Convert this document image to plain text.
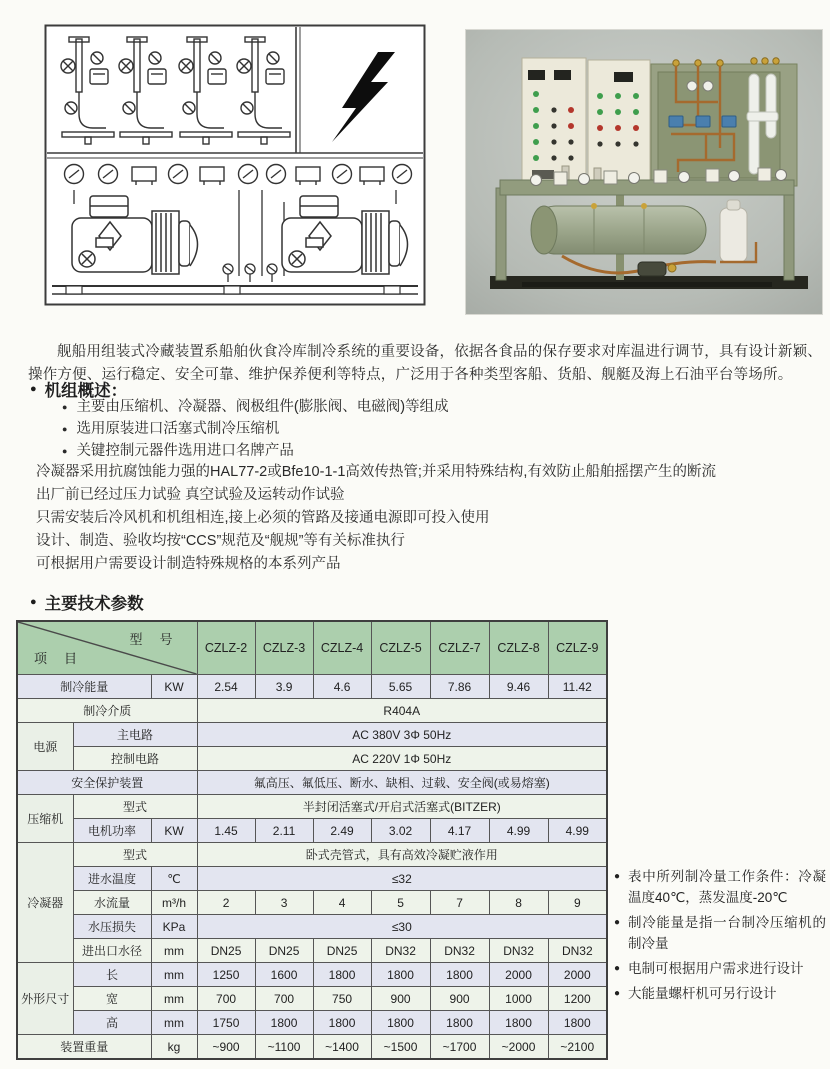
舰船用组装式冷藏装置系船舶伙食冷库制冷系统的重要设备，依据各食品的保存要求对库温进行调节，具有设计新颖、操作方便、运行稳定、安全可靠、维护保养便利等特点，广泛用于各种类型客船、货船、舰艇及海上石油平台等场所。

● 机组概述：
● 主要由压缩机、冷凝器、阀极组件(膨胀阀、电磁阀)等组成
● 选用原装进口活塞式制冷压缩机
● 关键控制元器件选用进口名牌产品
冷凝器采用抗腐蚀能力强的HAL77-2或Bfe10-1-1高效传热管;并采用特殊结构,有效防止船舶摇摆产生的断流
出厂前已经过压力试验 真空试验及运转动作试验
只需安装后冷风机和机组相连,接上必须的管路及接通电源即可投入使用
设计、制造、验收均按“CCS”规范及“舰规”等有关标准执行
可根据用户需要设计制造特殊规格的本系列产品
● 主要技术参数
型　号
项　目			CZLZ-2	CZLZ-3	CZLZ-4	CZLZ-5	CZLZ-7	CZLZ-8	CZLZ-9
制冷能量		KW	2.54	3.9	4.6	5.65	7.86	9.46	11.42
制冷介质			R404A						
电源	主电路		AC 380V 3Φ 50Hz						
	控制电路		AC 220V 1Φ 50Hz						
安全保护装置			氟高压、氟低压、断水、缺相、过载、安全阀(或易熔塞)						
压缩机	型式		半封闭活塞式/开启式活塞式(BITZER)						
	电机功率	KW	1.45	2.11	2.49	3.02	4.17	4.99	4.99
冷凝器	型式		卧式壳管式，具有高效冷凝贮液作用						
	进水温度	℃	≤32						
	水流量	m³/h	2	3	4	5	7	8	9
	水压损失	KPa	≤30						
	进出口水径	mm	DN25	DN25	DN25	DN32	DN32	DN32	DN32
外形尺寸	长	mm	1250	1600	1800	1800	1800	2000	2000
	宽	mm	700	700	750	900	900	1000	1200
	高	mm	1750	1800	1800	1800	1800	1800	1800
装置重量		kg	~900	~1100	~1400	~1500	~1700	~2000	~2100
● 表中所列制冷量工作条件：冷凝温度40℃，蒸发温度-20℃
● 制冷能量是指一台制冷压缩机的制冷量
● 电制可根据用户需求进行设计
● 大能量螺杆机可另行设计
